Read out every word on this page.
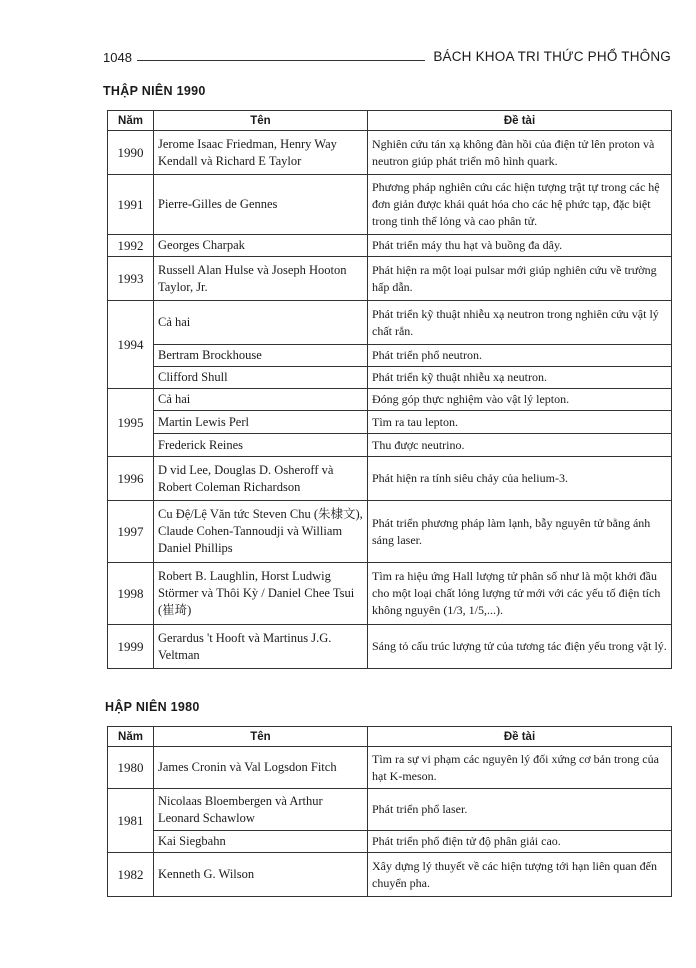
1048	BÁCH KHOA TRI THỨC PHỔ THÔNG
THẬP NIÊN 1990
Năm	Tên	Đề tài
1990	Jerome Isaac Friedman, Henry Way Kendall và Richard E Taylor	Nghiên cứu tán xạ không đàn hồi của điện tử lên proton và neutron giúp phát triển mô hình quark.
1991	Pierre-Gilles de Gennes	Phương pháp nghiên cứu các hiện tượng trật tự trong các hệ đơn giản được khái quát hóa cho các hệ phức tạp, đặc biệt trong tinh thể lỏng và cao phân tử.
1992	Georges Charpak	Phát triển máy thu hạt và buồng đa dây.
1993	Russell Alan Hulse và Joseph Hooton Taylor, Jr.	Phát hiện ra một loại pulsar mới giúp nghiên cứu về trường hấp dẫn.
1994	Cả hai	Phát triển kỹ thuật nhiễu xạ neutron trong nghiên cứu vật lý chất rắn.
	Bertram Brockhouse	Phát triển phổ neutron.
	Clifford Shull	Phát triển kỹ thuật nhiễu xạ neutron.
1995	Cả hai	Đóng góp thực nghiệm vào vật lý lepton.
	Martin Lewis Perl	Tìm ra tau lepton.
	Frederick Reines	Thu được neutrino.
1996	D vid Lee, Douglas D. Osheroff và Robert Coleman Richardson	Phát hiện ra tính siêu chảy của helium-3.
1997	Cu Đệ/Lệ Văn tức Steven Chu (朱棣文), Claude Cohen-Tannoudji và William Daniel Phillips	Phát triển phương pháp làm lạnh, bẫy nguyên tử bằng ánh sáng laser.
1998	Robert B. Laughlin, Horst Ludwig Störmer và Thôi Kỳ / Daniel Chee Tsui (崔琦)	Tìm ra hiệu ứng Hall lượng tử phân số như là một khởi đầu cho một loại chất lỏng lượng tử mới với các yếu tố điện tích không nguyên (1/3, 1/5,...).
1999	Gerardus 't Hooft và Martinus J.G. Veltman	Sáng tỏ cấu trúc lượng tử của tương tác điện yếu trong vật lý.
HẬP NIÊN 1980
Năm	Tên	Đề tài
1980	James Cronin và Val Logsdon Fitch	Tìm ra sự vi phạm các nguyên lý đối xứng cơ bản trong của hạt K-meson.
1981	Nicolaas Bloembergen và Arthur Leonard Schawlow	Phát triển phổ laser.
	Kai Siegbahn	Phát triển phổ điện tử độ phân giải cao.
1982	Kenneth G. Wilson	Xây dựng lý thuyết về các hiện tượng tới hạn liên quan đến chuyển pha.
